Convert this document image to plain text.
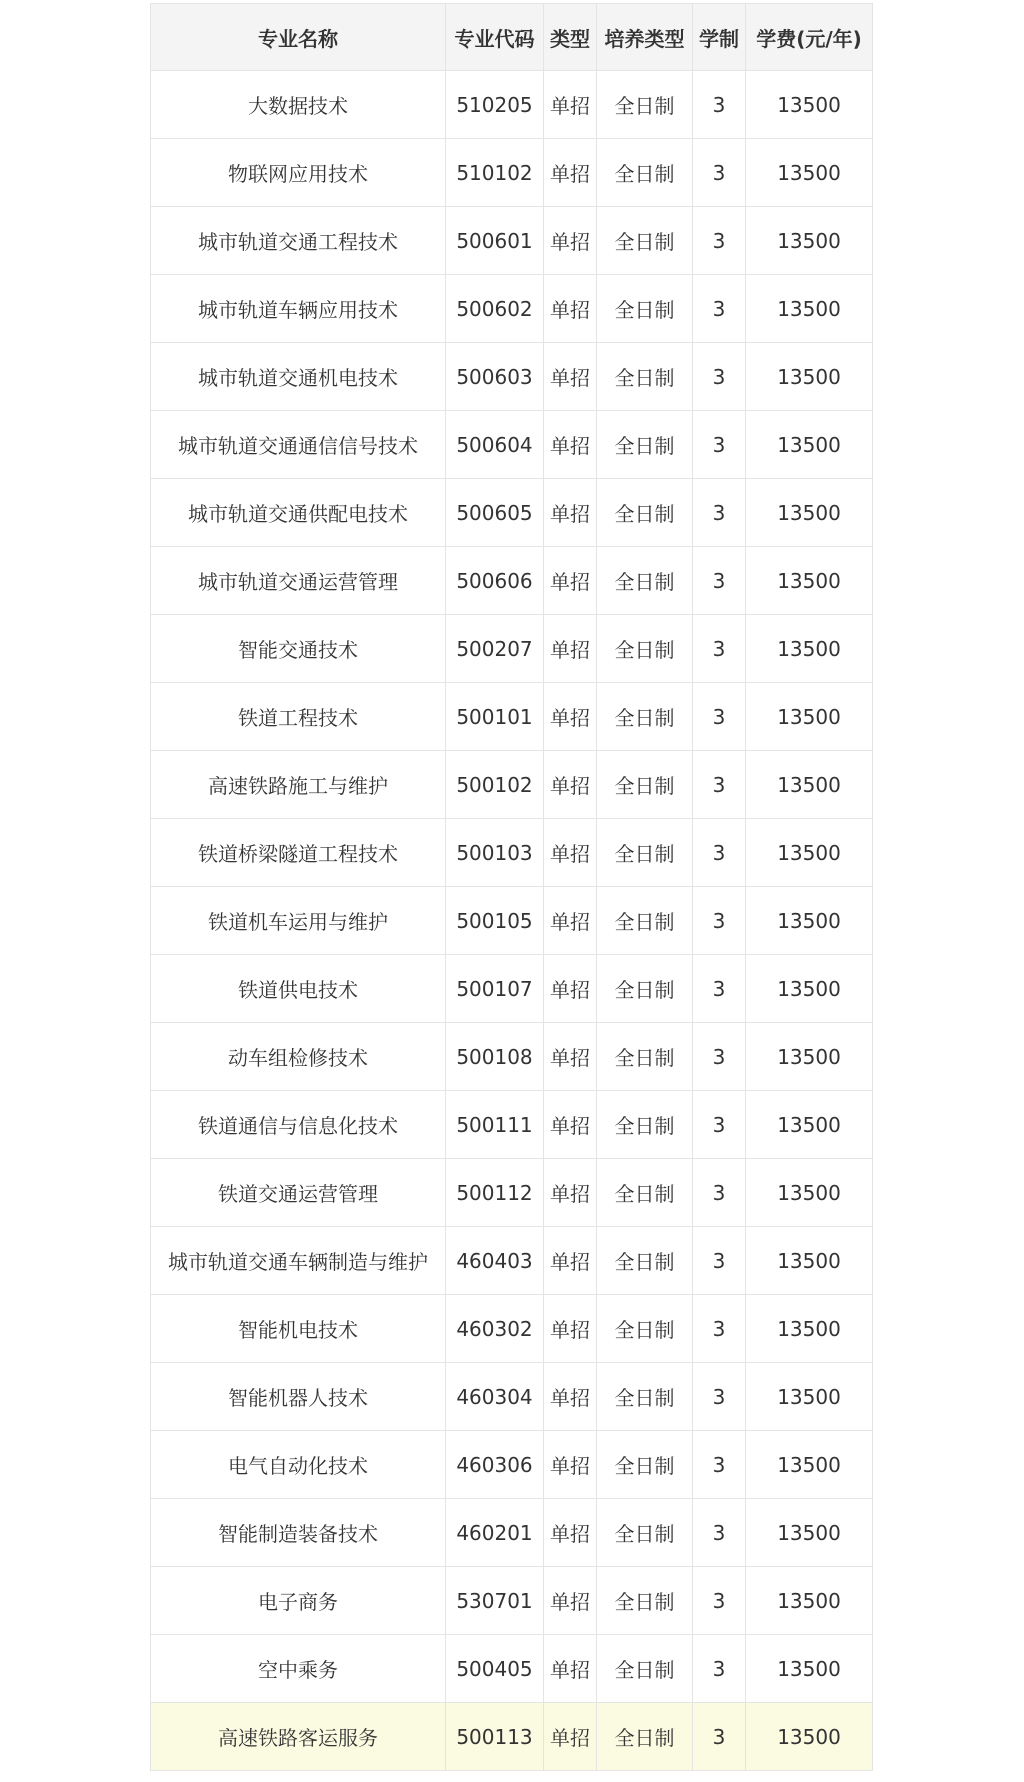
专业名称	专业代码	类型	培养类型	学制	学费(元/年)
大数据技术	510205	单招	全日制	3	13500
物联网应用技术	510102	单招	全日制	3	13500
城市轨道交通工程技术	500601	单招	全日制	3	13500
城市轨道车辆应用技术	500602	单招	全日制	3	13500
城市轨道交通机电技术	500603	单招	全日制	3	13500
城市轨道交通通信信号技术	500604	单招	全日制	3	13500
城市轨道交通供配电技术	500605	单招	全日制	3	13500
城市轨道交通运营管理	500606	单招	全日制	3	13500
智能交通技术	500207	单招	全日制	3	13500
铁道工程技术	500101	单招	全日制	3	13500
高速铁路施工与维护	500102	单招	全日制	3	13500
铁道桥梁隧道工程技术	500103	单招	全日制	3	13500
铁道机车运用与维护	500105	单招	全日制	3	13500
铁道供电技术	500107	单招	全日制	3	13500
动车组检修技术	500108	单招	全日制	3	13500
铁道通信与信息化技术	500111	单招	全日制	3	13500
铁道交通运营管理	500112	单招	全日制	3	13500
城市轨道交通车辆制造与维护	460403	单招	全日制	3	13500
智能机电技术	460302	单招	全日制	3	13500
智能机器人技术	460304	单招	全日制	3	13500
电气自动化技术	460306	单招	全日制	3	13500
智能制造装备技术	460201	单招	全日制	3	13500
电子商务	530701	单招	全日制	3	13500
空中乘务	500405	单招	全日制	3	13500
高速铁路客运服务	500113	单招	全日制	3	13500
